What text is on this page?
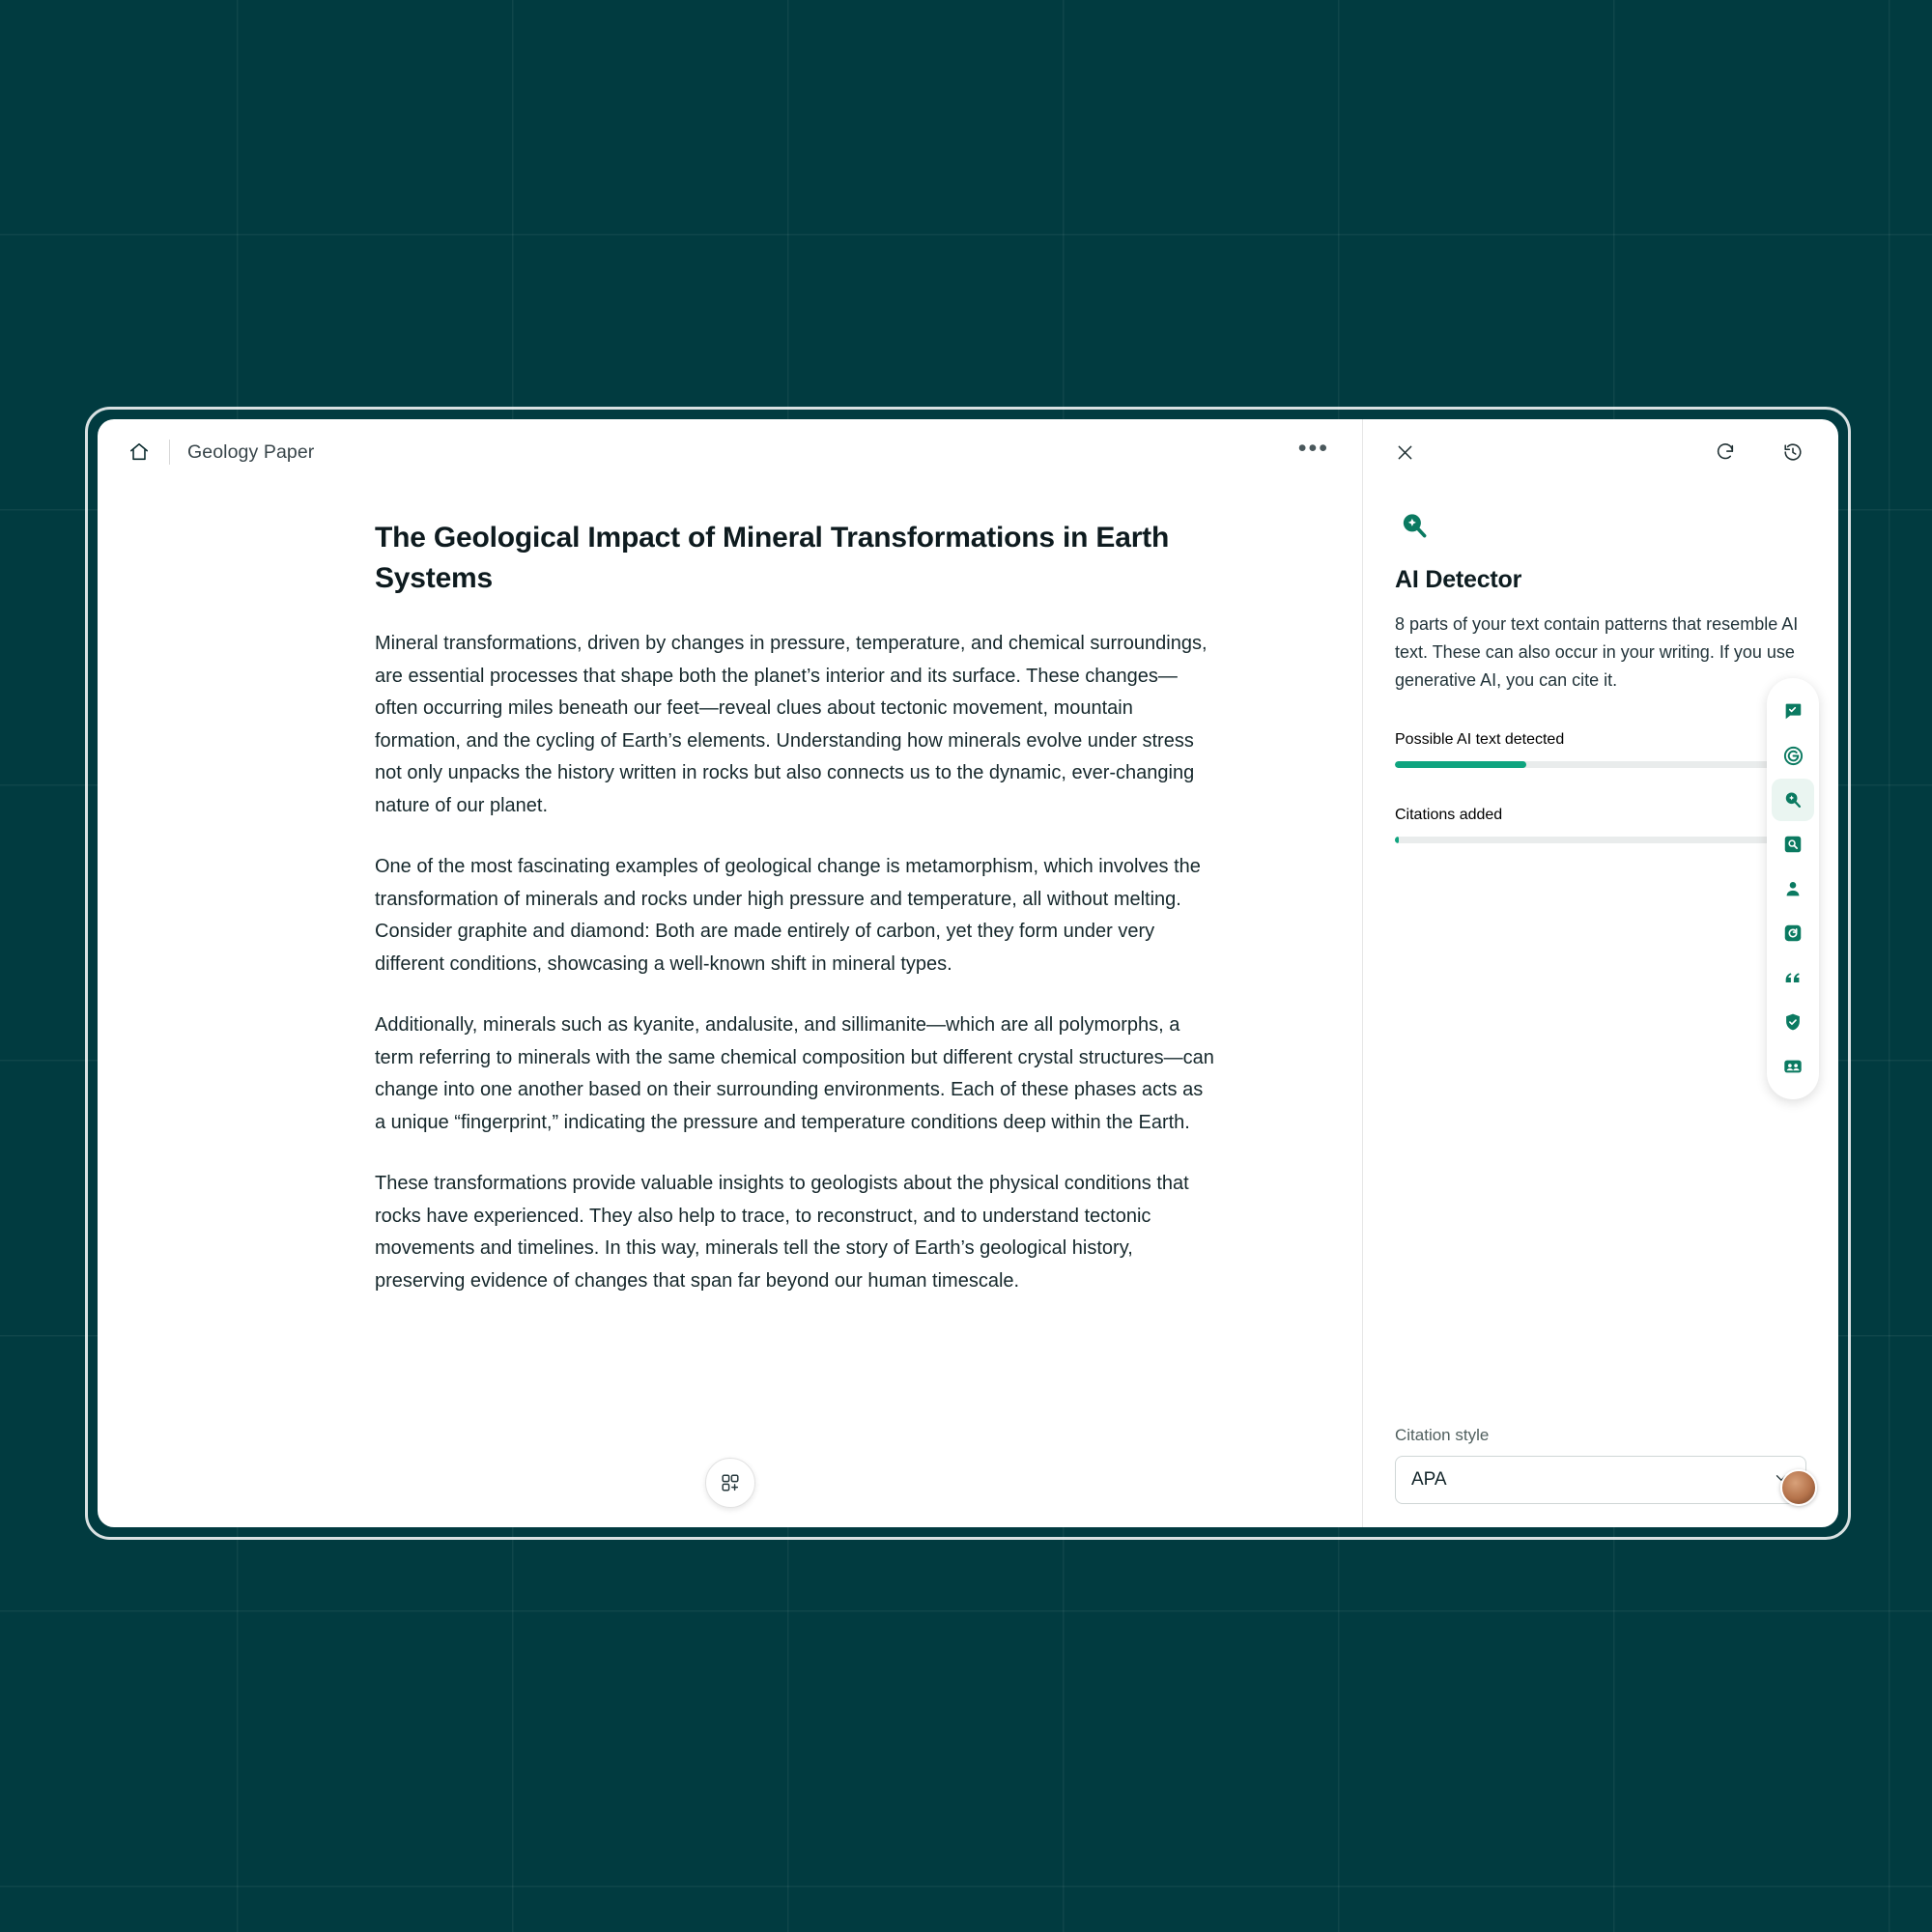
Geology Paper	•••
The Geological Impact of Mineral Transformations in Earth Systems
Mineral transformations, driven by changes in pressure, temperature, and chemical surroundings, are essential processes that shape both the planet’s interior and its surface. These changes—often occurring miles beneath our feet—reveal clues about tectonic movement, mountain formation, and the cycling of Earth’s elements. Understanding how minerals evolve under stress not only unpacks the history written in rocks but also connects us to the dynamic, ever-changing nature of our planet.
One of the most fascinating examples of geological change is metamorphism, which involves the transformation of minerals and rocks under high pressure and temperature, all without melting. Consider graphite and diamond: Both are made entirely of carbon, yet they form under very different conditions, showcasing a well-known shift in mineral types.
Additionally, minerals such as kyanite, andalusite, and sillimanite—which are all polymorphs, a term referring to minerals with the same chemical composition but different crystal structures—can change into one another based on their surrounding environments. Each of these phases acts as a unique “fingerprint,” indicating the pressure and temperature conditions deep within the Earth.
These transformations provide valuable insights to geologists about the physical conditions that rocks have experienced. They also help to trace, to reconstruct, and to understand tectonic movements and timelines. In this way, minerals tell the story of Earth’s geological history, preserving evidence of changes that span far beyond our human timescale.
AI Detector
8 parts of your text contain patterns that resemble AI text. These can also occur in your writing. If you use generative AI, you can cite it.
Possible AI text detected
Citations added
Citation style
APA
